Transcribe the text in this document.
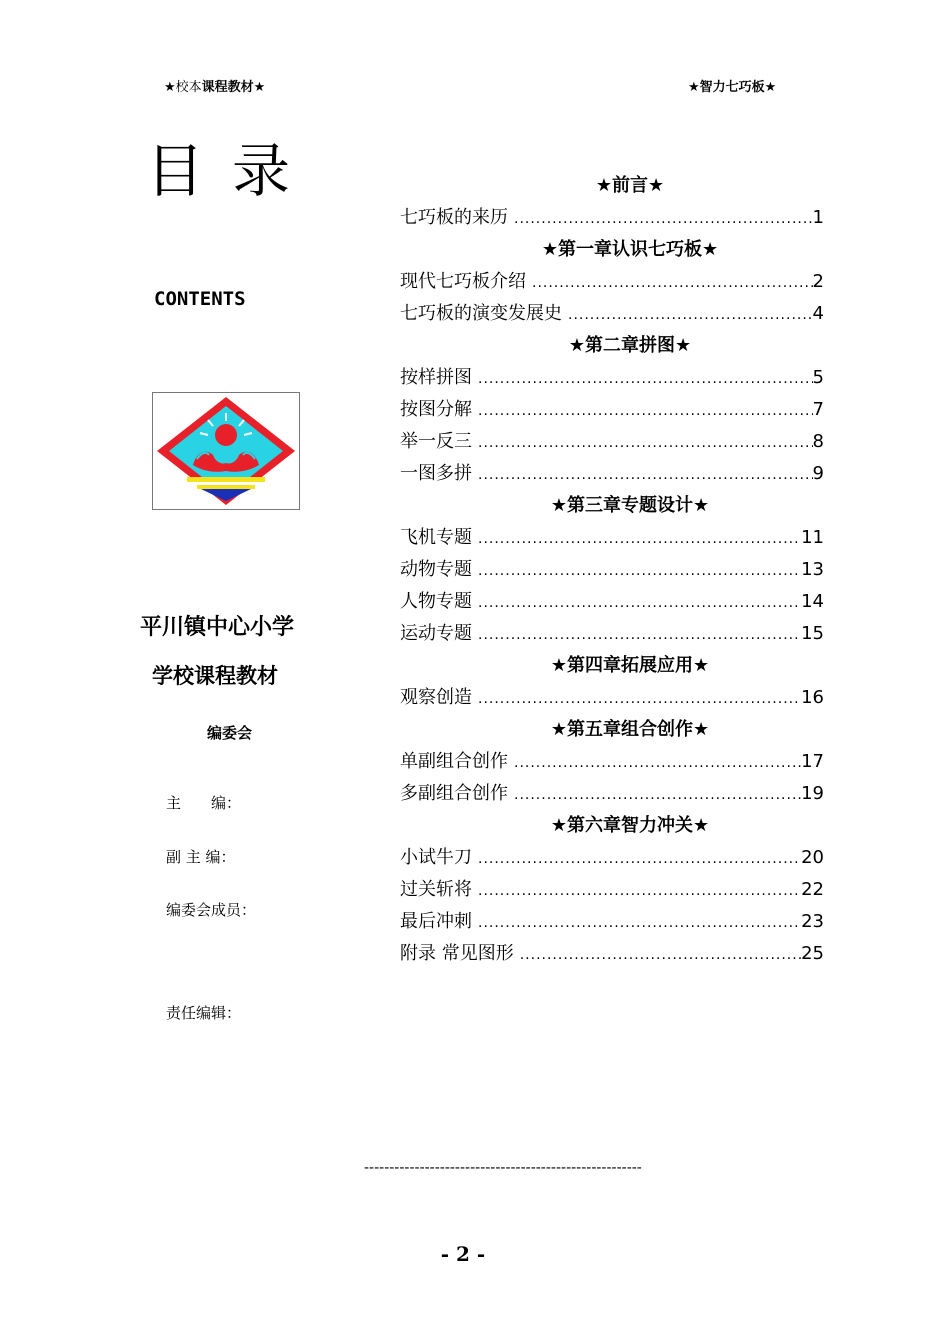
★校本课程教材★	★智力七巧板★
目录
CONTENTS
平川镇中心小学
学校课程教材
编委会
主　　编：
副 主 编：
编委会成员：
责任编辑：
★前言★
七巧板的来历 .....	1
★第一章认识七巧板★
现代七巧板介绍 .....	2
七巧板的演变发展史 .....	4
★第二章拼图★
按样拼图 .....	5
按图分解 .....	7
举一反三 .....	8
一图多拼 .....	9
★第三章专题设计★
飞机专题 .....	11
动物专题 .....	13
人物专题 .....	14
运动专题 .....	15
★第四章拓展应用★
观察创造 .....	16
★第五章组合创作★
单副组合创作 .....	17
多副组合创作 .....	19
★第六章智力冲关★
小试牛刀 .....	20
过关斩将 .....	22
最后冲刺 .....	23
附录 常见图形 .....	25
-------------------------------------------------------
- 2 -
